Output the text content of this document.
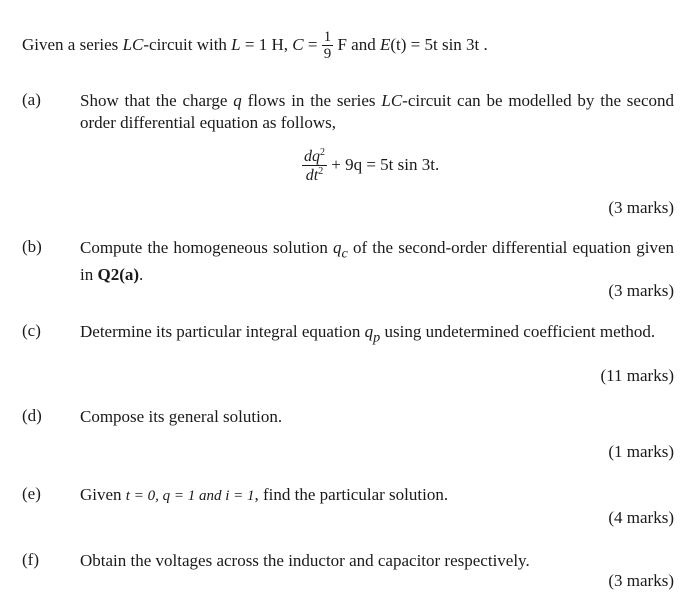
Given a series LC-circuit with L = 1 H, $C = \frac{1}{9}$ F and E(t) = 5t sin 3t .
(a) Show that the charge q flows in the series LC-circuit can be modelled by the second order differential equation as follows,
$\frac{dq^2}{dt^2} + 9q = 5t$ sin 3t.
(3 marks)
(b) Compute the homogeneous solution $q_c$ of the second-order differential equation given in Q2(a).
(3 marks)
(c) Determine its particular integral equation $q_p$ using undetermined coefficient method.
(11 marks)
(d) Compose its general solution.
(1 marks)
(e) Given t = 0, q = 1 and i = 1, find the particular solution.
(4 marks)
(f) Obtain the voltages across the inductor and capacitor respectively.
(3 marks)
